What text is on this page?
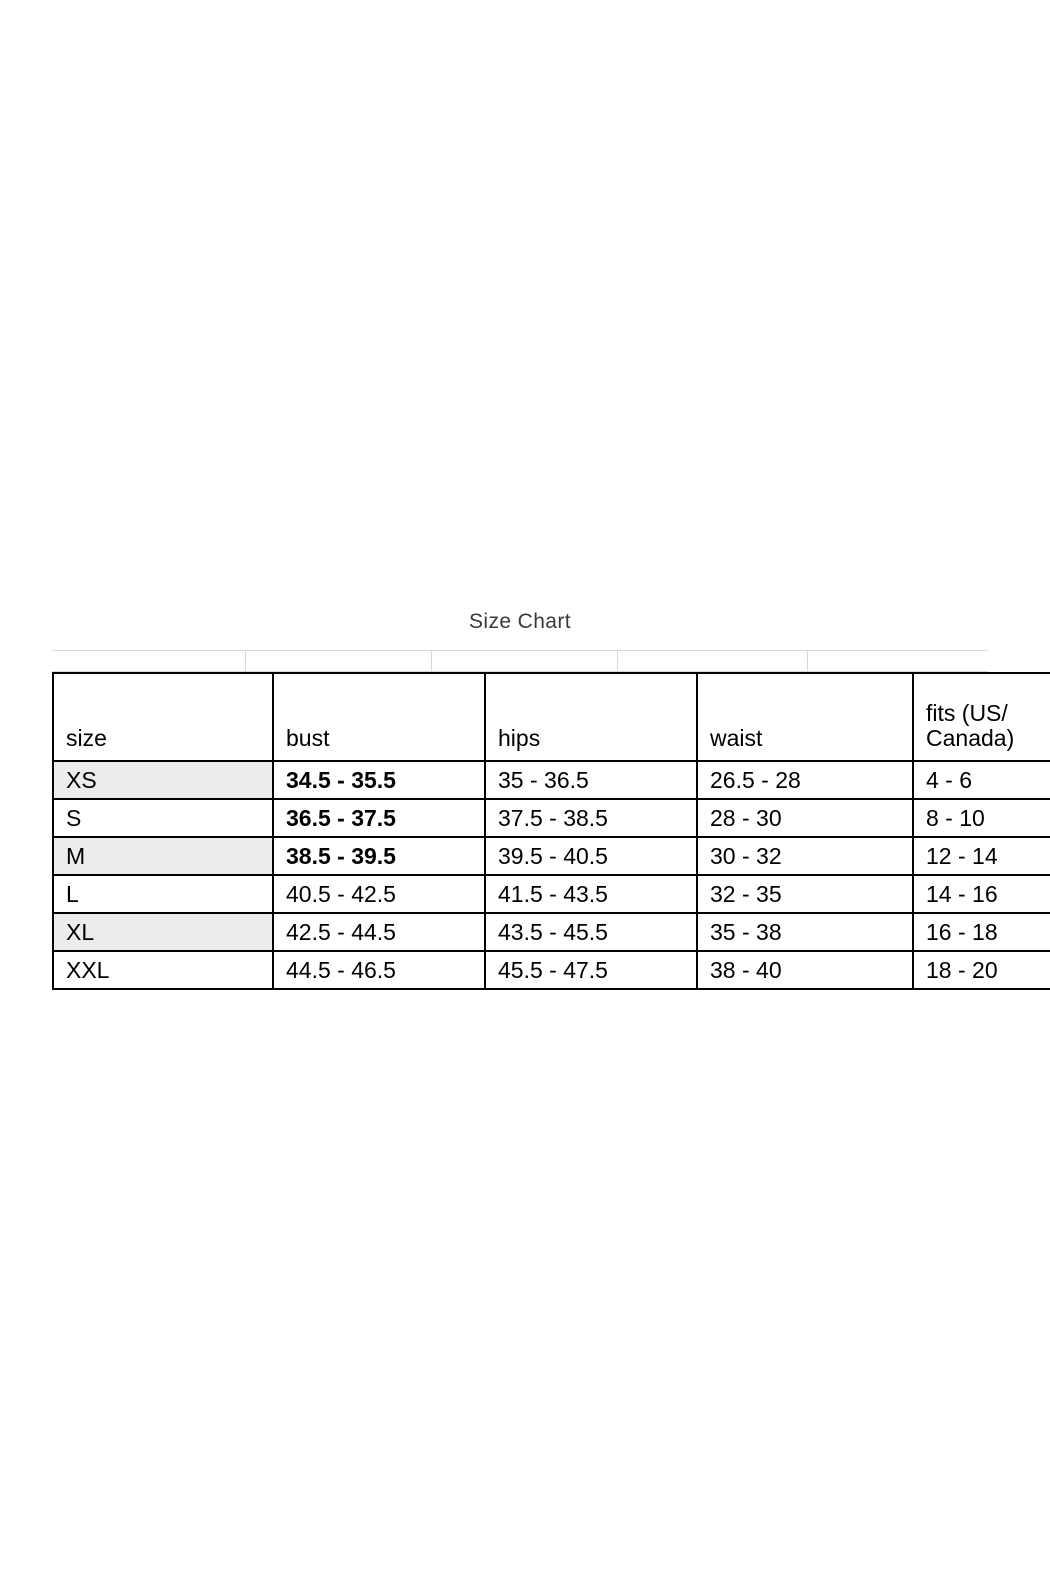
Size Chart
size	bust	hips	waist	fits (US/
Canada)

XS	34.5 - 35.5	35 - 36.5	26.5 - 28	4 - 6
S	36.5 - 37.5	37.5 - 38.5	28 - 30	8 - 10
M	38.5 - 39.5	39.5 - 40.5	30 - 32	12 - 14
L	40.5 - 42.5	41.5 - 43.5	32 - 35	14 - 16
XL	42.5 - 44.5	43.5 - 45.5	35 - 38	16 - 18
XXL	44.5 - 46.5	45.5 - 47.5	38 - 40	18 - 20
